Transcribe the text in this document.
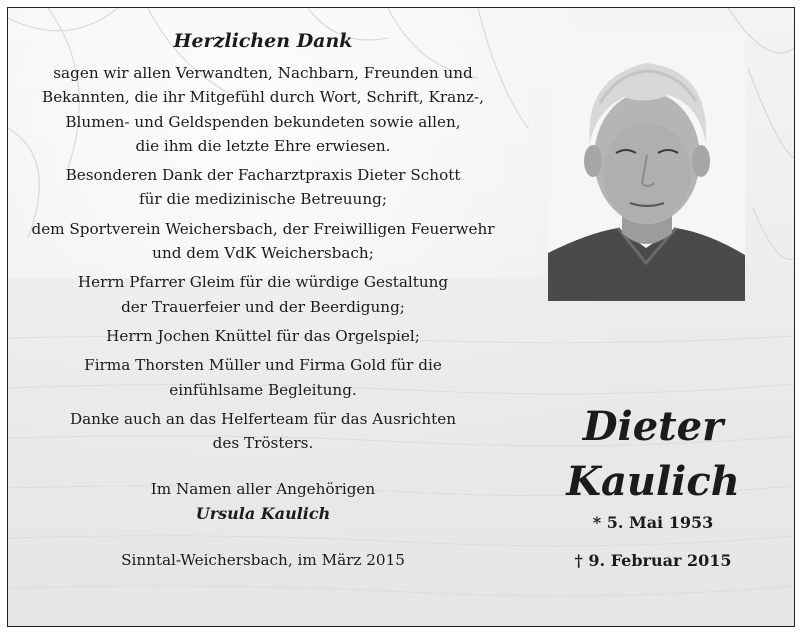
Herzlichen Dank
sagen wir allen Verwandten, Nachbarn, Freunden und
Bekannten, die ihr Mitgefühl durch Wort, Schrift, Kranz-,
Blumen- und Geldspenden bekundeten sowie allen,
die ihm die letzte Ehre erwiesen.
Besonderen Dank der Facharztpraxis Dieter Schott
für die medizinische Betreuung;
dem Sportverein Weichersbach, der Freiwilligen Feuerwehr
und dem VdK Weichersbach;
Herrn Pfarrer Gleim für die würdige Gestaltung
der Trauerfeier und der Beerdigung;
Herrn Jochen Knüttel für das Orgelspiel;
Firma Thorsten Müller und Firma Gold für die
einfühlsame Begleitung.
Danke auch an das Helferteam für das Ausrichten
des Trösters.
Im Namen aller Angehörigen
Ursula Kaulich
Sinntal-Weichersbach, im März 2015
Dieter
Kaulich
* 5. Mai 1953
† 9. Februar 2015
